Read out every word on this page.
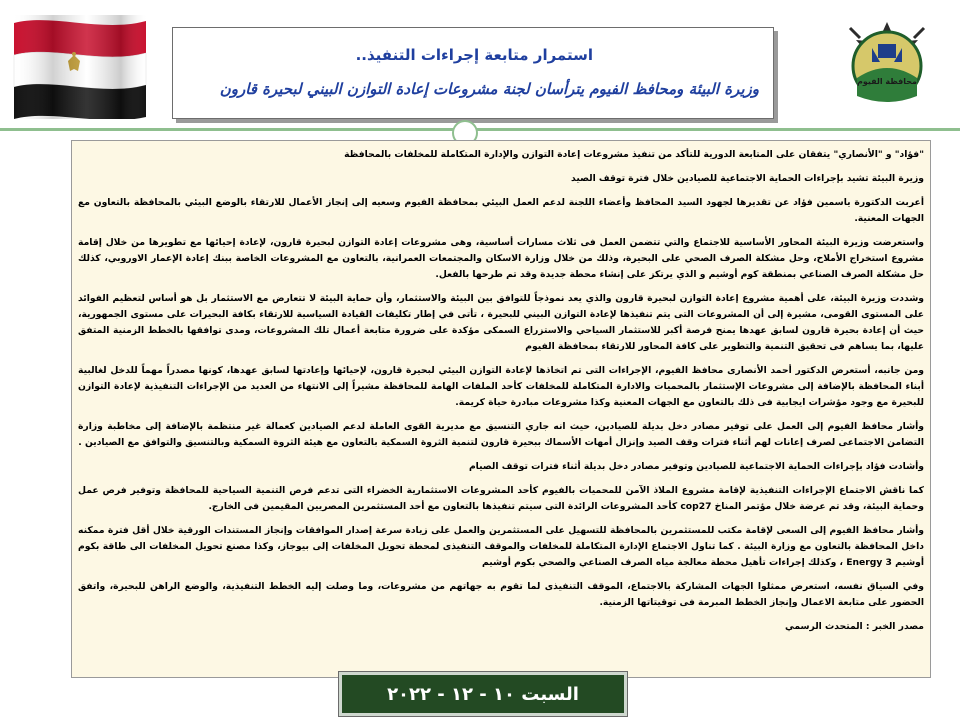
محافظة الفيوم
استمرار متابعة إجراءات التنفيذ..
وزيرة البيئة ومحافظ الفيوم يترأسان لجنة مشروعات إعادة التوازن البيني لبحيرة قارون

"فؤاد" و "الأنصاري" يتفقان على المتابعة الدورية للتأكد من تنفيذ مشروعات إعادة التوازن والإدارة المتكاملة للمخلفات بالمحافظة

وزيرة البيئة تشيد بإجراءات الحماية الاجتماعية للصيادين خلال فترة توقف الصيد

أعربت الدكتورة ياسمين فؤاد عن تقديرها لجهود السيد المحافظ وأعضاء اللجنة لدعم العمل البيئي بمحافظة الفيوم وسعيه إلى إنجاز الأعمال للارتقاء بالوضع البيئي بالمحافظة بالتعاون مع الجهات المعنية.

واستعرضت وزيرة البيئة المحاور الأساسية للاجتماع والتي تتضمن العمل فى ثلاث مسارات أساسية، وهى مشروعات إعادة التوازن لبحيرة قارون، لإعادة إحيائها مع تطويرها من خلال إقامة مشروع استخراج الأملاح، وحل مشكلة الصرف الصحي على البحيرة، وذلك من خلال وزارة الاسكان والمجتمعات العمرانية، بالتعاون مع المشروعات الخاصة ببنك إعادة الإعمار الاوروبي، كذلك حل مشكلة الصرف الصناعي بمنطقة كوم أوشيم و الذي يرتكز على إنشاء محطة جديدة وقد تم طرحها بالفعل.

وشددت وزيرة البيئة، على أهمية مشروع إعادة التوازن لبحيرة قارون والذي يعد نموذجاً للتوافق بين البيئة والاستثمار، وأن حماية البيئة لا تتعارض مع الاستثمار بل هو أساس لتعظيم الفوائد على المستوى القومى، مشيرة إلى أن المشروعات التى يتم تنفيذها لإعادة التوازن البيني للبحيرة ، تأتى في إطار تكليفات القيادة السياسية للارتقاء بكافة البحيرات على مستوى الجمهورية، حيث أن إعادة بحيرة قارون لسابق عهدها يمنح فرصة أكبر للاستثمار السياحي والاستزراع السمكى مؤكدة على ضرورة متابعة أعمال تلك المشروعات، ومدى توافقها بالخطط الزمنية المتفق عليها، بما يساهم فى تحقيق التنمية والتطوير على كافة المحاور للارتقاء بمحافظة الفيوم

ومن جانبه، أستعرض الدكتور أحمد الأنصارى محافظ الفيوم، الإجراءات التى تم اتخاذها لإعادة التوازن البيئي لبحيرة قارون، لإحيائها وإعادتها لسابق عهدها، كونها مصدراً مهماً للدخل لغالبية أبناء المحافظة بالإضافة إلى مشروعات الإستثمار بالمحميات والادارة المتكاملة للمخلفات كأحد الملفات الهامة للمحافظة مشيراً إلى الانتهاء من العديد من الإجراءات التنفيذية لإعادة التوازن للبحيرة مع وجود مؤشرات ايجابية فى ذلك بالتعاون مع الجهات المعنية وكذا مشروعات مبادرة حياة كريمة.

وأشار محافظ الفيوم إلى العمل على توفير مصادر دخل بديلة للصيادين، حيث انه جاري التنسيق مع مديرية القوى العاملة لدعم الصيادين كعمالة غير منتظمة بالإضافة إلى مخاطبة وزارة التضامن الاجتماعى لصرف إعانات لهم أثناء فترات وقف الصيد وإنزال أمهات الأسماك ببحيرة قارون لتنمية الثروة السمكية بالتعاون مع هيئة الثروة السمكية وبالتنسيق والتوافق مع الصيادين .

وأشادت فؤاد بإجراءات الحماية الاجتماعية للصيادين وتوفير مصادر دخل بديلة أثناء فترات توقف الصيام

كما ناقش الاجتماع الإجراءات التنفيذية لإقامة مشروع الملاذ الآمن للمحميات بالفيوم كأحد المشروعات الاستثمارية الخضراء التى تدعم فرص التنمية السياحية للمحافظة وتوفير فرص عمل وحماية البيئة، وقد تم عرضة خلال مؤتمر المناخ cop27 كأحد المشروعات الرائدة التى سيتم تنفيذها بالتعاون مع أحد المستثمرين المصريين المقيمين فى الخارج.

وأشار محافظ الفيوم إلى السعى لإقامة مكتب للمستثمرين بالمحافظة للتسهيل على المستثمرين والعمل على زيادة سرعة إصدار الموافقات وإنجاز المستندات الورقية خلال أقل فترة ممكنه داخل المحافظة بالتعاون مع وزارة البيئة . كما تناول الاجتماع الإدارة المتكاملة للمخلفات والموقف التنفيذى لمحطة تحويل المخلفات إلى بيوجاز، وكذا مصنع تحويل المخلفات الى طاقة بكوم أوشيم Energy 3 ، وكذلك إجراءات تأهيل محطة معالجة مياه الصرف الصناعي والصحي بكوم أوشيم

وفي السياق نفسه، استعرض ممثلوا الجهات المشاركة بالاجتماع، الموقف التنفيذى لما تقوم به جهاتهم من مشروعات، وما وصلت إليه الخطط التنفيذية، والوضع الراهن للبحيرة، واتفق الحضور على متابعة الاعمال وإنجاز الخطط المبرمة فى توقيتاتها الزمنية.

مصدر الخبر : المتحدث الرسمي

السبت ١٠ - ١٢ - ٢٠٢٢
